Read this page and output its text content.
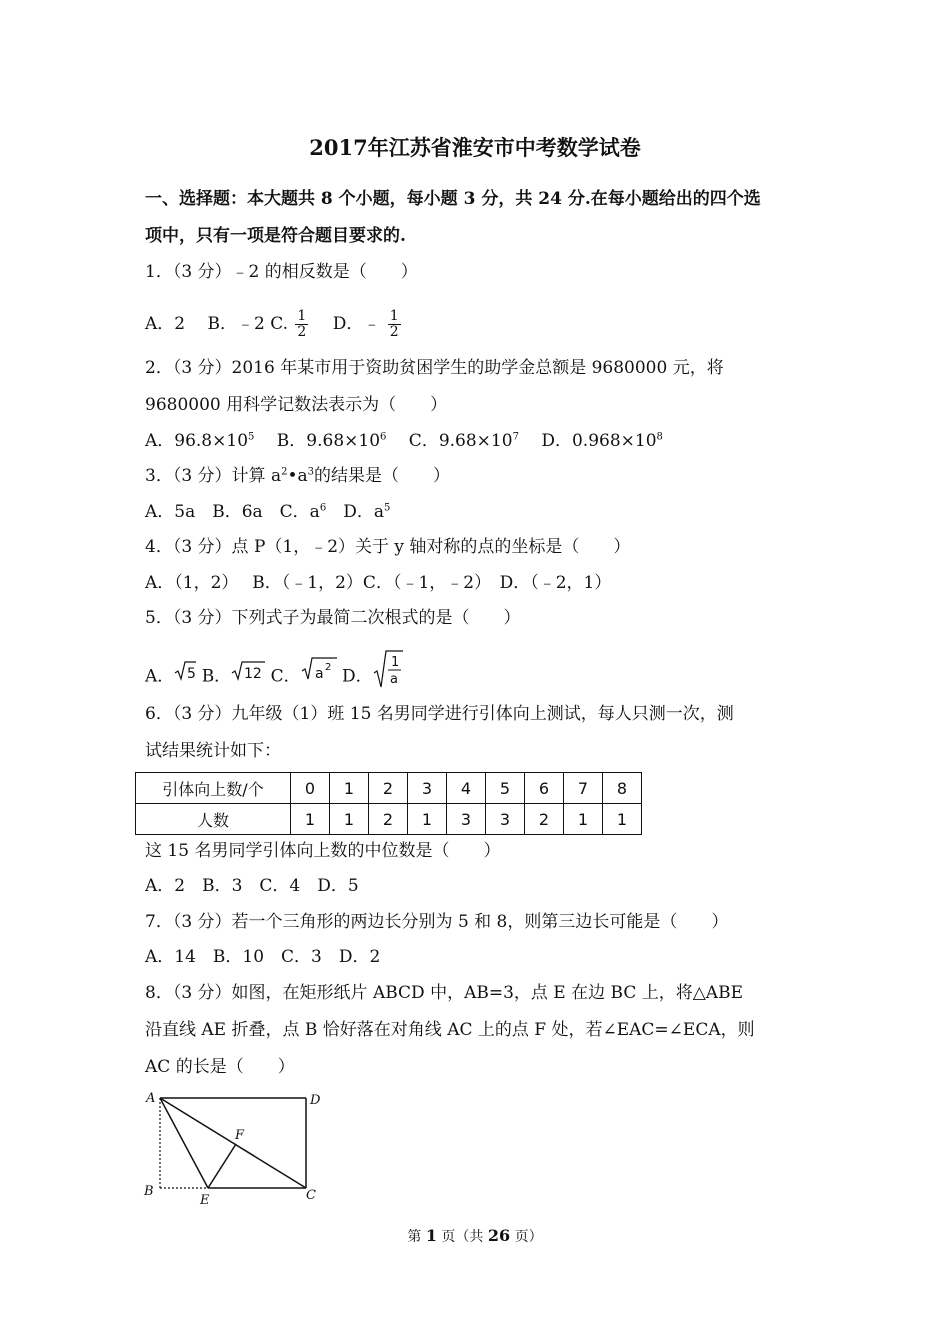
2017年江苏省淮安市中考数学试卷
一、选择题：本大题共 8 个小题，每小题 3 分，共 24 分.在每小题给出的四个选
项中，只有一项是符合题目要求的.
1．（3 分）﹣2 的相反数是（　　）
A．2　 B．﹣2 C. $\frac{1}{2}$ 　D．﹣ $\frac{1}{2}$
2．（3 分）2016 年某市用于资助贫困学生的助学金总额是 9680000 元，将
9680000 用科学记数法表示为（　　）
A．$96.8\times 10^5$ 　B．$9.68\times 10^6$ 　C．$9.68\times 10^7$ 　D．$0.968\times 10^8$
3．（3 分）计算 $a^2•a^3$的结果是（　　）
A．5a　B．6a　C．$a^6$　D．$a^5$
4．（3 分）点 P（1，﹣2）关于 y 轴对称的点的坐标是（　　）
A．（1，2）　 B．（﹣1，2）C．（﹣1，﹣2）　D．（﹣2，1）
5．（3 分）下列式子为最简二次根式的是（　　）
A． 5 B． 12 C． a 2 D．
1
a
6．（3 分）九年级（1）班 15 名男同学进行引体向上测试，每人只测一次，测
试结果统计如下：
引体向上数/个	0	1	2	3	4	5	6	7	8
人数	1	1	2	1	3	3	2	1	1
这 15 名男同学引体向上数的中位数是（　　）
A．2　B．3　C．4　D．5
7．（3 分）若一个三角形的两边长分别为 5 和 8，则第三边长可能是（　　）
A．14　B．10　C．3　D．2
8．（3 分）如图，在矩形纸片 ABCD 中，AB=3，点 E 在边 BC 上，将△ABE
沿直线 AE 折叠，点 B 恰好落在对角线 AC 上的点 F 处，若∠EAC=∠ECA，则
AC 的长是（　　）
A	D
B
E	C
F
第 1 页（共 26 页）
